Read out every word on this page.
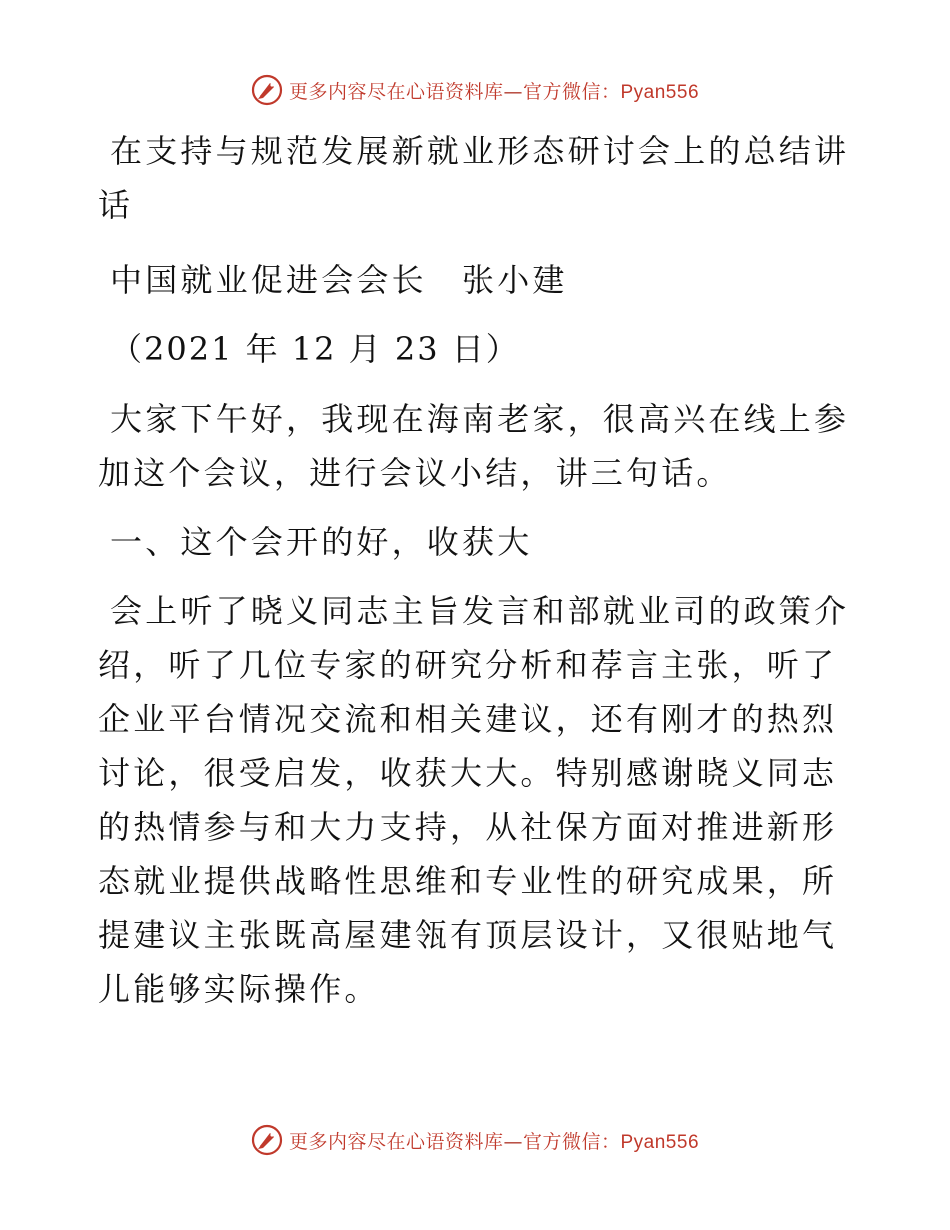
更多内容尽在心语资料库—官方微信：Pyan556

在支持与规范发展新就业形态研讨会上的总结讲话

中国就业促进会会长　张小建

（2021 年 12 月 23 日）

大家下午好，我现在海南老家，很高兴在线上参加这个会议，进行会议小结，讲三句话。

一、这个会开的好，收获大

会上听了晓义同志主旨发言和部就业司的政策介绍，听了几位专家的研究分析和荐言主张，听了企业平台情况交流和相关建议，还有刚才的热烈讨论，很受启发，收获大大。特别感谢晓义同志的热情参与和大力支持，从社保方面对推进新形态就业提供战略性思维和专业性的研究成果，所提建议主张既高屋建瓴有顶层设计，又很贴地气儿能够实际操作。

更多内容尽在心语资料库—官方微信：Pyan556
